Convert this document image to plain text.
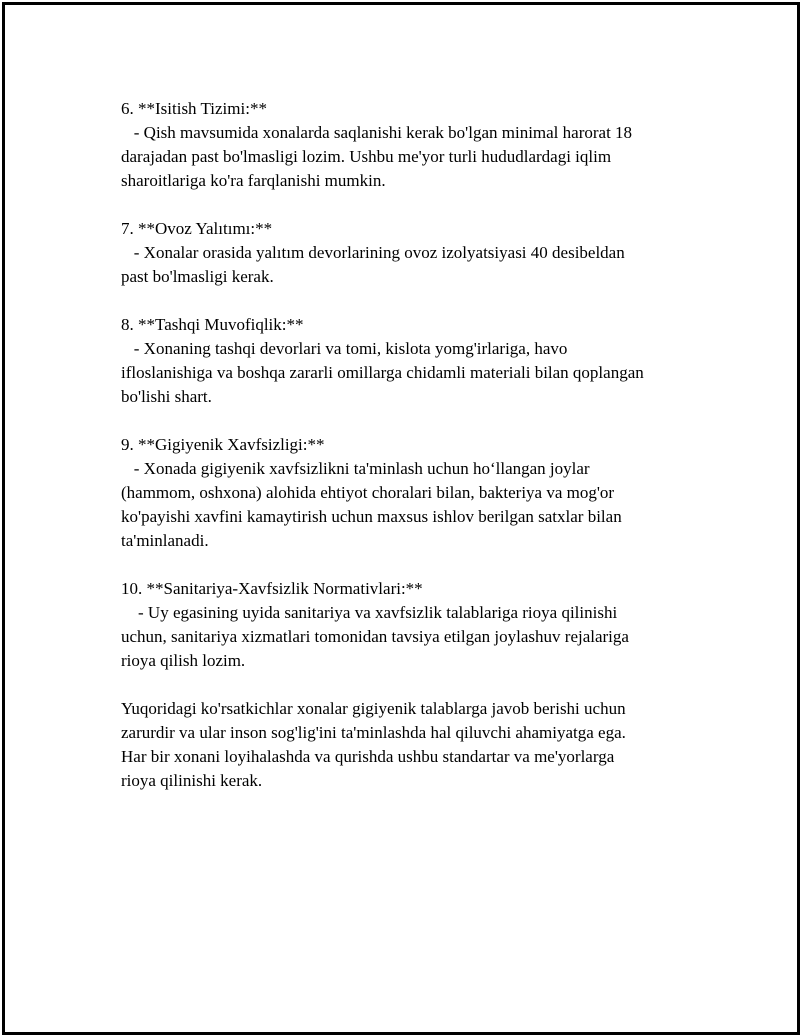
6. **Isitish Tizimi:**
- Qish mavsumida xonalarda saqlanishi kerak bo'lgan minimal harorat 18
darajadan past bo'lmasligi lozim. Ushbu me'yor turli hududlardagi iqlim
sharoitlariga ko'ra farqlanishi mumkin.
7. **Ovoz Yalıtımı:**
- Xonalar orasida yalıtım devorlarining ovoz izolyatsiyasi 40 desibeldan
past bo'lmasligi kerak.
8. **Tashqi Muvofiqlik:**
- Xonaning tashqi devorlari va tomi, kislota yomg'irlariga, havo
ifloslanishiga va boshqa zararli omillarga chidamli materiali bilan qoplangan
bo'lishi shart.
9. **Gigiyenik Xavfsizligi:**
- Xonada gigiyenik xavfsizlikni ta'minlash uchun ho‘llangan joylar
(hammom, oshxona) alohida ehtiyot choralari bilan, bakteriya va mog'or
ko'payishi xavfini kamaytirish uchun maxsus ishlov berilgan satxlar bilan
ta'minlanadi.
10. **Sanitariya-Xavfsizlik Normativlari:**
- Uy egasining uyida sanitariya va xavfsizlik talablariga rioya qilinishi
uchun, sanitariya xizmatlari tomonidan tavsiya etilgan joylashuv rejalariga
rioya qilish lozim.
Yuqoridagi ko'rsatkichlar xonalar gigiyenik talablarga javob berishi uchun
zarurdir va ular inson sog'lig'ini ta'minlashda hal qiluvchi ahamiyatga ega.
Har bir xonani loyihalashda va qurishda ushbu standartar va me'yorlarga
rioya qilinishi kerak.
